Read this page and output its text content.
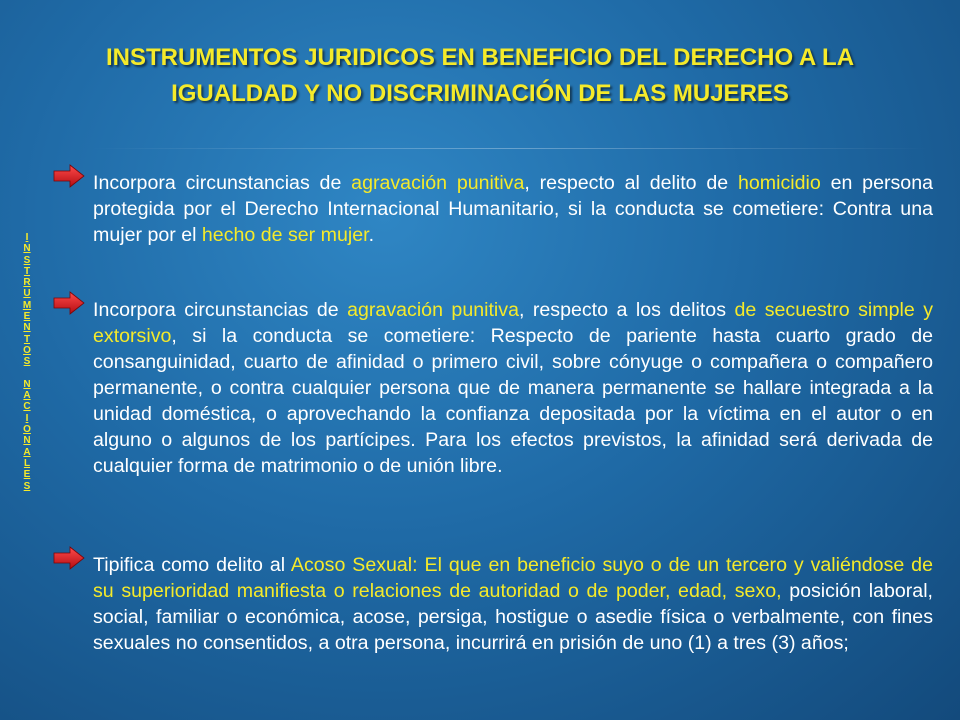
INSTRUMENTOS JURIDICOS EN BENEFICIO DEL DERECHO A LA
IGUALDAD Y NO DISCRIMINACIÓN DE LAS MUJERES
I
N
S
T
R
U
M
E
N
T
O
S

N
A
C
I
O
N
A
L
E
S

Incorpora circunstancias de agravación punitiva, respecto al delito de homicidio en persona protegida por el Derecho Internacional Humanitario, si la conducta se cometiere: Contra una mujer por el hecho de ser mujer.

Incorpora circunstancias de agravación punitiva, respecto a los delitos de secuestro simple y extorsivo, si la conducta se cometiere: Respecto de pariente hasta cuarto grado de consanguinidad, cuarto de afinidad o primero civil, sobre cónyuge o compañera o compañero permanente, o contra cualquier persona que de manera permanente se hallare integrada a la unidad doméstica, o aprovechando la confianza depositada por la víctima en el autor o en alguno o algunos de los partícipes. Para los efectos previstos, la afinidad será derivada de cualquier forma de matrimonio o de unión libre.

Tipifica como delito al Acoso Sexual: El que en beneficio suyo o de un tercero y valiéndose de su superioridad manifiesta o relaciones de autoridad o de poder, edad, sexo, posición laboral, social, familiar o económica, acose, persiga, hostigue o asedie física o verbalmente, con fines sexuales no consentidos, a otra persona, incurrirá en prisión de uno (1) a tres (3) años;
